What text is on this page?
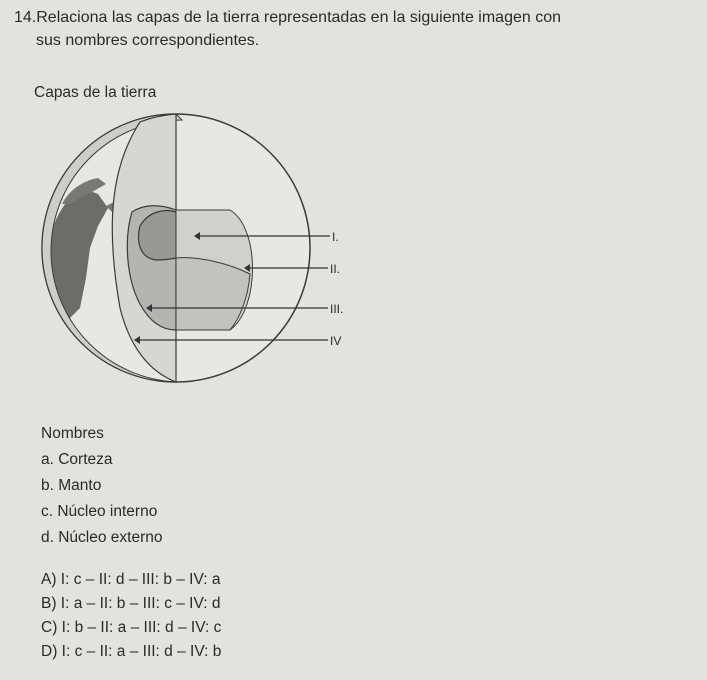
14.Relaciona las capas de la tierra representadas en la siguiente imagen con
sus nombres correspondientes.
Capas de la tierra
I.
II.
III.
IV
Nombres
a. Corteza
b. Manto
c. Núcleo interno
d. Núcleo externo
A) I: c – II: d – III: b – IV: a
B) I: a – II: b – III: c – IV: d
C) I: b – II: a – III: d – IV: c
D) I: c – II: a – III: d – IV: b
